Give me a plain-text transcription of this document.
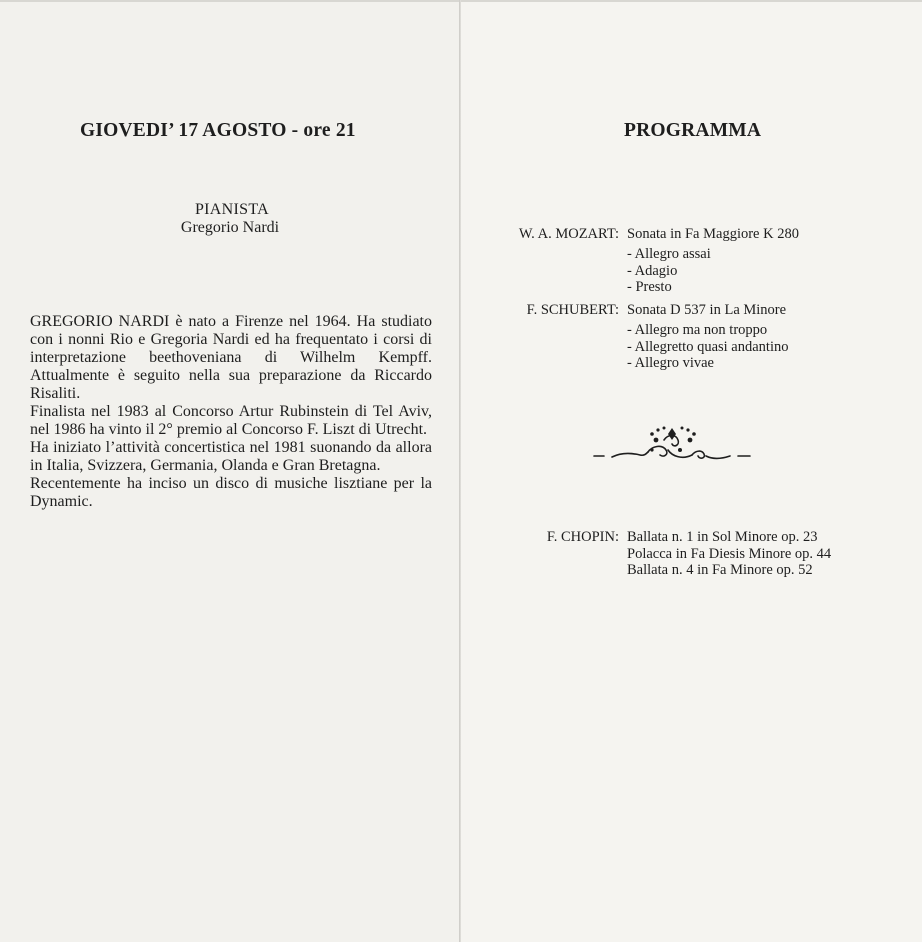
GIOVEDI’ 17 AGOSTO - ore 21
PIANISTA
Gregorio Nardi

GREGORIO NARDI è nato a Firenze nel 1964. Ha studiato con i nonni Rio e Gregoria Nardi ed ha frequentato i corsi di interpretazione beethoveniana di Wilhelm Kempff. Attualmente è seguito nella sua preparazione da Riccardo Risaliti.

Finalista nel 1983 al Concorso Artur Rubinstein di Tel Aviv, nel 1986 ha vinto il 2° premio al Concorso F. Liszt di Utrecht.

Ha iniziato l’attività concertistica nel 1981 suonando da allora in Italia, Svizzera, Germania, Olanda e Gran Bretagna.

Recentemente ha inciso un disco di musiche lisztiane per la Dynamic.

PROGRAMMA
W. A. MOZART: Sonata in Fa Maggiore K 280
- Allegro assai
- Adagio
- Presto
F. SCHUBERT: Sonata D 537 in La Minore
- Allegro ma non troppo
- Allegretto quasi andantino
- Allegro vivae
F. CHOPIN: Ballata n. 1 in Sol Minore op. 23
Polacca in Fa Diesis Minore op. 44
Ballata n. 4 in Fa Minore op. 52
